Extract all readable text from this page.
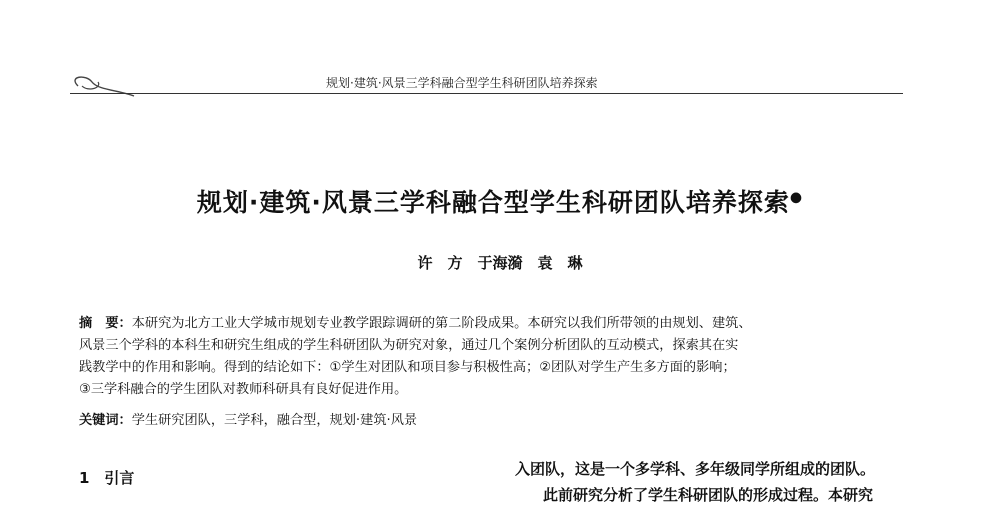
规划·建筑·风景三学科融合型学生科研团队培养探索
规划·建筑·风景三学科融合型学生科研团队培养探索●
许　方　于海漪　袁　琳
摘　要：本研究为北方工业大学城市规划专业教学跟踪调研的第二阶段成果。本研究以我们所带领的由规划、建筑、
风景三个学科的本科生和研究生组成的学生科研团队为研究对象，通过几个案例分析团队的互动模式，探索其在实
践教学中的作用和影响。得到的结论如下：①学生对团队和项目参与积极性高；②团队对学生产生多方面的影响；
③三学科融合的学生团队对教师科研具有良好促进作用。
关键词：学生研究团队，三学科，融合型，规划·建筑·风景
1　引言	入团队，这是一个多学科、多年级同学所组成的团队。
此前研究分析了学生科研团队的形成过程。本研究
